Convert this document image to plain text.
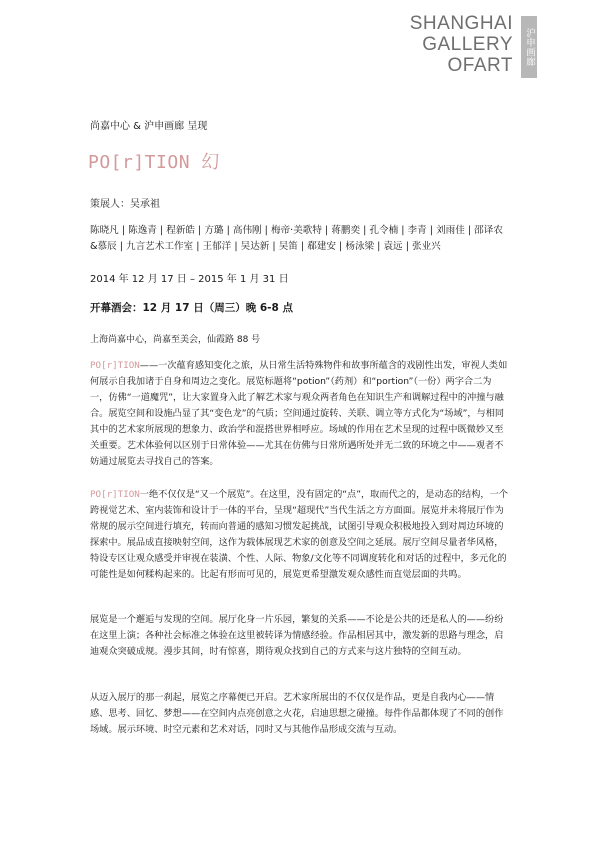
SHANGHAI
GALLERY
OFART	沪申画廊
尚嘉中心 & 沪申画廊 呈现
PO[r]TION 幻
策展人：吴承祖
陈晓凡 | 陈逸青 | 程新皓 | 方璐 | 高伟刚 | 梅帝·美歌特 | 蒋鹏奕 | 孔令楠 | 李青 | 刘雨佳 | 邵译农&慕辰 | 九言艺术工作室 | 王郁洋 | 吴达新 | 吴笛 | 郗建安 | 杨泳梁 | 袁远 | 张业兴
2014 年 12 月 17 日 – 2015 年 1 月 31 日
开幕酒会：12 月 17 日（周三）晚 6-8 点
上海尚嘉中心，尚嘉至美会，仙霞路 88 号

PO[r]TION——一次蕴育感知变化之旅，从日常生活特殊物件和故事所蕴含的戏剧性出发，审视人类如何展示自我加诸于自身和周边之变化。展览标题将“potion”（药剂）和“portion”（一份）两字合二为一，仿佛“一道魔咒”，让大家置身入此了解艺术家与观众两者角色在知识生产和调解过程中的冲撞与融合。展览空间和设施凸显了其“变色龙”的气质；空间通过旋转、关联、调立等方式化为“场域”，与相同其中的艺术家所展现的想象力、政治学和混搭世界相呼应。场域的作用在艺术呈现的过程中既微妙又至关重要。艺术体验何以区别于日常体验——尤其在仿佛与日常所遇所处并无二致的环境之中——观者不妨通过展览去寻找自己的答案。

PO[r]TION一绝不仅仅是“又一个展览”。在这里，没有固定的“点”，取而代之的，是动态的结构，一个跨视觉艺术、室内装饰和设计于一体的平台，呈现“超现代”当代生活之方方面面。展览并未将展厅作为常规的展示空间进行填充，转而向普通的感知习惯发起挑战，试图引导观众积极地投入到对周边环境的探索中。展品成直接映射空间，这作为载体展现艺术家的创意及空间之延展。展厅空间尽量者华风格，特设专区让观众感受并审视在装潢、个性、人际、物象/文化等不同调度转化和对话的过程中，多元化的可能性是如何糅构起来的。比起有形而可见的，展览更希望激发观众感性而直觉层面的共鸣。

展览是一个邂逅与发现的空间。展厅化身一片乐园，繁复的关系——不论是公共的还是私人的——纷纷在这里上演；各种社会标准之体验在这里被转译为情感经验。作品相居其中，激发新的思路与理念，启迪观众突破成规。漫步其间，时有惊喜，期待观众找到自己的方式来与这片独特的空间互动。

从迈入展厅的那一刹起，展览之序幕便已开启。艺术家所展出的不仅仅是作品，更是自我内心——情感、思考、回忆、梦想——在空间内点亮创意之火花，启迪思想之碰撞。每件作品都体现了不同的创作场域。展示环境、时空元素和艺术对话，同时又与其他作品形成交流与互动。
